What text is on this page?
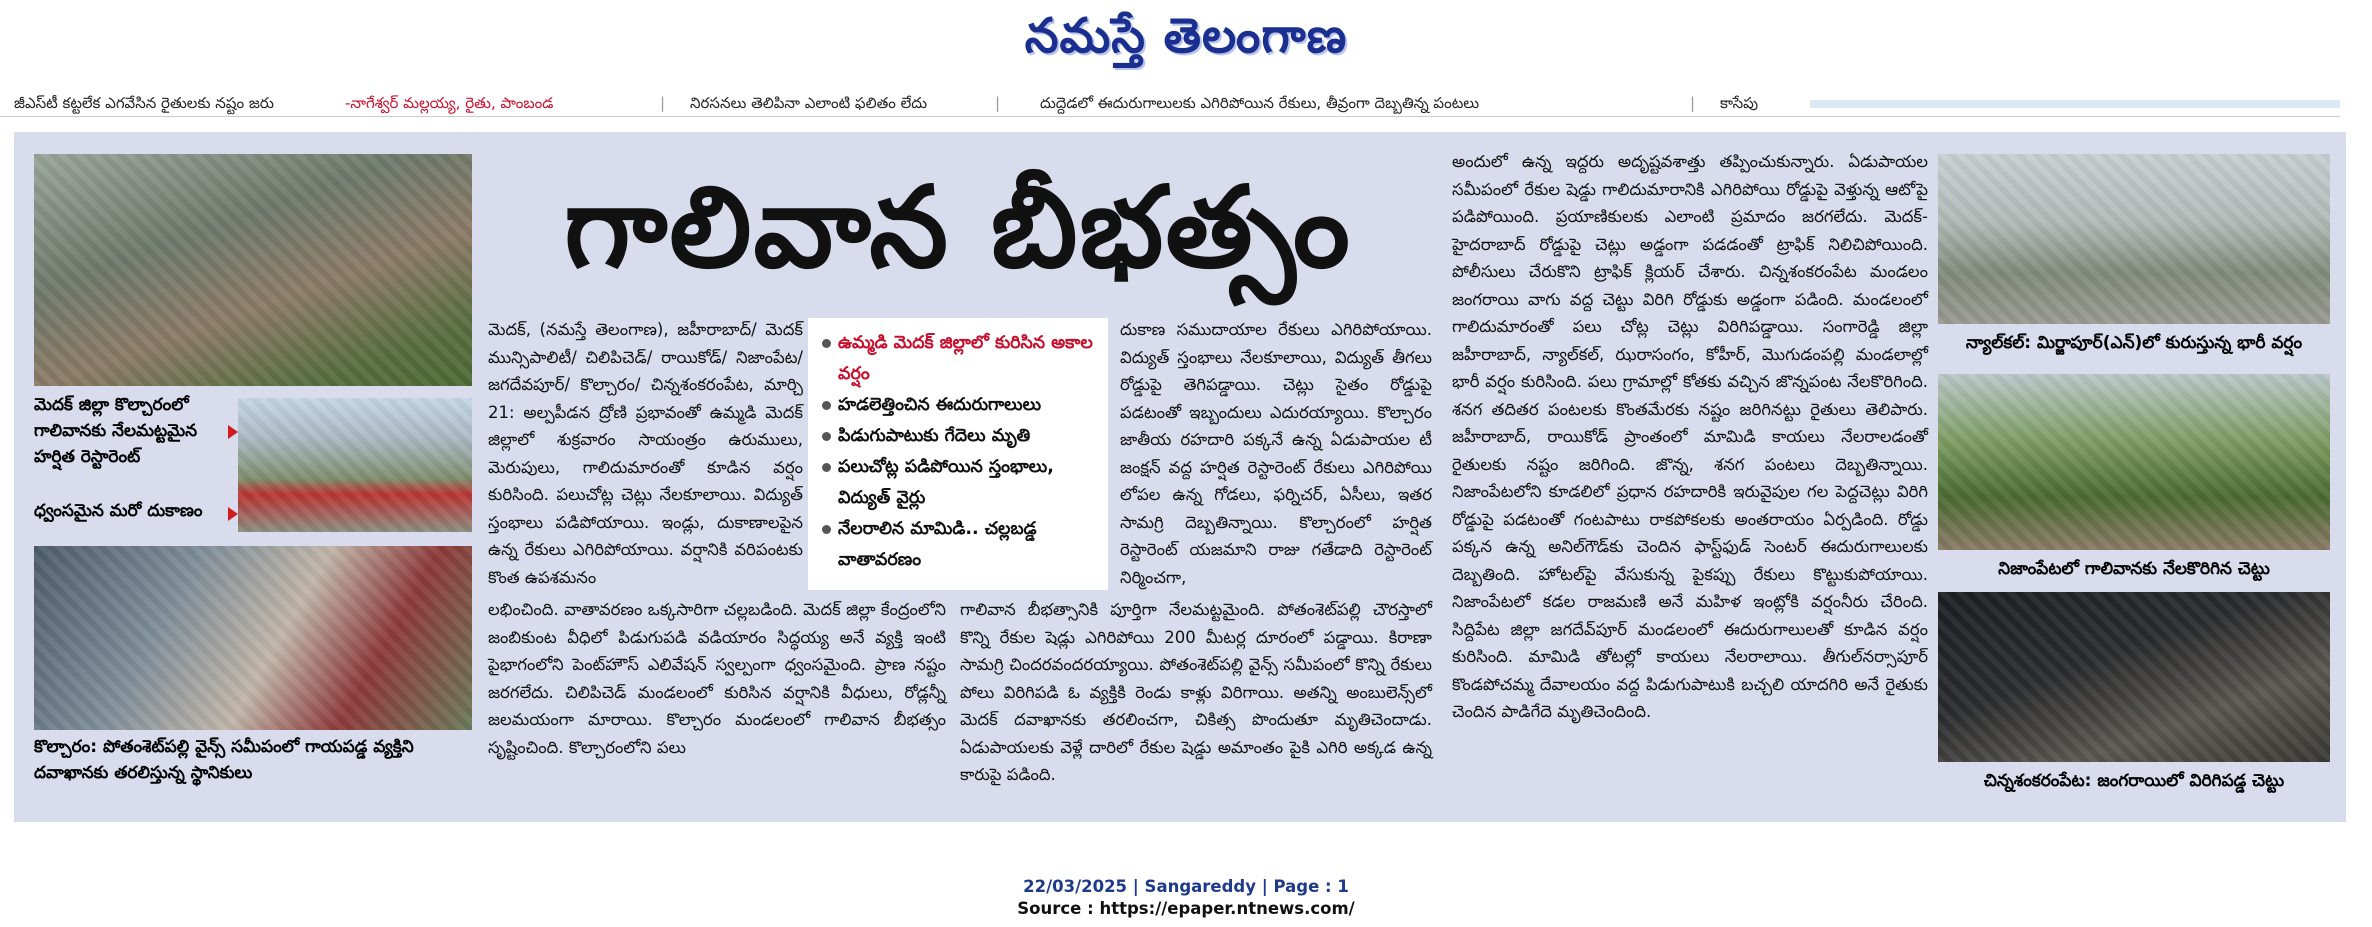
నమస్తే తెలంగాణ
జీఎస్‌టీ కట్టలేక ఎగవేసిన రైతులకు నష్టం జరు	-నాగేశ్వర్ మల్లయ్య, రైతు, పాంబండ	| నిరసనలు తెలిపినా ఎలాంటి ఫలితం లేదు	|	దుద్దెడలో ఈదురుగాలులకు ఎగిరిపోయిన రేకులు, తీవ్రంగా దెబ్బతిన్న పంటలు	| కాసేపు
మెదక్ జిల్లా కొల్చారంలో గాలివానకు నేలమట్టమైన హర్షిత రెస్టారెంట్
ధ్వంసమైన మరో దుకాణం
కొల్చారం: పోతంశెట్‌పల్లి వైన్స్ సమీపంలో గాయపడ్డ వ్యక్తిని దవాఖానకు తరలిస్తున్న స్థానికులు
గాలివాన బీభత్సం
మెదక్, (నమస్తే తెలంగాణ), జహీరాబాద్/ మెదక్ మున్సిపాలిటీ/ చిలిపిచెడ్/ రాయికోడ్/ నిజాంపేట/ జగదేవపూర్/ కొల్చారం/ చిన్నశంకరంపేట, మార్చి 21: అల్పపీడన ద్రోణి ప్రభావంతో ఉమ్మడి మెదక్ జిల్లాలో శుక్రవారం సాయంత్రం ఉరుములు, మెరుపులు, గాలిదుమారంతో కూడిన వర్షం కురిసింది. పలుచోట్ల చెట్లు నేలకూలాయి. విద్యుత్ స్తంభాలు పడిపోయాయి. ఇండ్లు, దుకాణాలపైన ఉన్న రేకులు ఎగిరిపోయాయి. వర్షానికి వరిపంటకు కొంత ఉపశమనం
ఉమ్మడి మెదక్ జిల్లాలో కురిసిన అకాల వర్షం
హడలెత్తించిన ఈదురుగాలులు
పిడుగుపాటుకు గేదెలు మృతి
పలుచోట్ల పడిపోయిన స్తంభాలు, విద్యుత్ వైర్లు
నేలరాలిన మామిడి.. చల్లబడ్డ వాతావరణం
దుకాణ సముదాయాల రేకులు ఎగిరిపోయాయి. విద్యుత్ స్తంభాలు నేలకూలాయి, విద్యుత్ తీగలు రోడ్డుపై తెగిపడ్డాయి. చెట్లు సైతం రోడ్డుపై పడటంతో ఇబ్బందులు ఎదురయ్యాయి. కొల్చారం జాతీయ రహదారి పక్కనే ఉన్న ఏడుపాయల టీ జంక్షన్ వద్ద హర్షిత రెస్టారెంట్ రేకులు ఎగిరిపోయి లోపల ఉన్న గోడలు, ఫర్నిచర్, ఏసీలు, ఇతర సామగ్రి దెబ్బతిన్నాయి. కొల్చారంలో హర్షిత రెస్టారెంట్ యజమాని రాజు గతేడాది రెస్టారెంట్ నిర్మించగా,
లభించింది. వాతావరణం ఒక్కసారిగా చల్లబడింది. మెదక్ జిల్లా కేంద్రంలోని జంబికుంట వీధిలో పిడుగుపడి వడియారం సిద్ధయ్య అనే వ్యక్తి ఇంటి పైభాగంలోని పెంట్‌హౌస్ ఎలివేషన్ స్వల్పంగా ధ్వంసమైంది. ప్రాణ నష్టం జరగలేదు. చిలిపిచెడ్ మండలంలో కురిసిన వర్షానికి వీధులు, రోడ్లన్నీ జలమయంగా మారాయి. కొల్చారం మండలంలో గాలివాన బీభత్సం సృష్టించింది. కొల్చారంలోని పలు
గాలివాన బీభత్సానికి పూర్తిగా నేలమట్టమైంది. పోతంశెట్‌పల్లి చౌరస్తాలో కొన్ని రేకుల షెడ్లు ఎగిరిపోయి 200 మీటర్ల దూరంలో పడ్డాయి. కిరాణా సామగ్రి చిందరవందరయ్యాయి. పోతంశెట్‌పల్లి వైన్స్ సమీపంలో కొన్ని రేకులు పోలు విరిగిపడి ఓ వ్యక్తికి రెండు కాళ్లు విరిగాయి. అతన్ని అంబులెన్స్‌లో మెదక్ దవాఖానకు తరలించగా, చికిత్స పొందుతూ మృతిచెందాడు. ఏడుపాయలకు వెళ్లే దారిలో రేకుల షెడ్డు అమాంతం పైకి ఎగిరి అక్కడ ఉన్న కారుపై పడింది.
అందులో ఉన్న ఇద్దరు అదృష్టవశాత్తు తప్పించుకున్నారు. ఏడుపాయల సమీపంలో రేకుల షెడ్డు గాలిదుమారానికి ఎగిరిపోయి రోడ్డుపై వెళ్తున్న ఆటోపై పడిపోయింది. ప్రయాణికులకు ఎలాంటి ప్రమాదం జరగలేదు. మెదక్- హైదరాబాద్ రోడ్డుపై చెట్లు అడ్డంగా పడడంతో ట్రాఫిక్ నిలిచిపోయింది. పోలీసులు చేరుకొని ట్రాఫిక్ క్లియర్ చేశారు. చిన్నశంకరంపేట మండలం జంగరాయి వాగు వద్ద చెట్టు విరిగి రోడ్డుకు అడ్డంగా పడింది. మండలంలో గాలిదుమారంతో పలు చోట్ల చెట్లు విరిగిపడ్డాయి. సంగారెడ్డి జిల్లా జహీరాబాద్, న్యాల్‌కల్, ఝరాసంగం, కోహీర్, మొగుడంపల్లి మండలాల్లో భారీ వర్షం కురిసింది. పలు గ్రామాల్లో కోతకు వచ్చిన జొన్నపంట నేలకొరిగింది. శనగ తదితర పంటలకు కొంతమేరకు నష్టం జరిగినట్టు రైతులు తెలిపారు. జహీరాబాద్, రాయికోడ్ ప్రాంతంలో మామిడి కాయలు నేలరాలడంతో రైతులకు నష్టం జరిగింది. జొన్న, శనగ పంటలు దెబ్బతిన్నాయి. నిజాంపేటలోని కూడలిలో ప్రధాన రహదారికి ఇరువైపుల గల పెద్దచెట్లు విరిగి రోడ్డుపై పడటంతో గంటపాటు రాకపోకలకు అంతరాయం ఏర్పడింది. రోడ్డు పక్కన ఉన్న అనిల్‌గౌడ్‌కు చెందిన ఫాస్ట్‌ఫుడ్ సెంటర్ ఈదురుగాలులకు దెబ్బతింది. హోటల్‌పై వేసుకున్న పైకప్పు రేకులు కొట్టుకుపోయాయి. నిజాంపేటలో కడల రాజమణి అనే మహిళ ఇంట్లోకి వర్షంనీరు చేరింది. సిద్దిపేట జిల్లా జగదేవ్‌పూర్ మండలంలో ఈదురుగాలులతో కూడిన వర్షం కురిసింది. మామిడి తోటల్లో కాయలు నేలరాలాయి. తీగుల్‌నర్సాపూర్ కొండపోచమ్మ దేవాలయం వద్ద పిడుగుపాటుకి బచ్చలి యాదగిరి అనే రైతుకు చెందిన పాడిగేదె మృతిచెందింది.
న్యాల్‌కల్: మిర్జాపూర్(ఎన్)లో కురుస్తున్న భారీ వర్షం
నిజాంపేటలో గాలివానకు నేలకొరిగిన చెట్టు
చిన్నశంకరంపేట: జంగరాయిలో విరిగిపడ్డ చెట్టు
22/03/2025 | Sangareddy | Page : 1
Source : https://epaper.ntnews.com/
